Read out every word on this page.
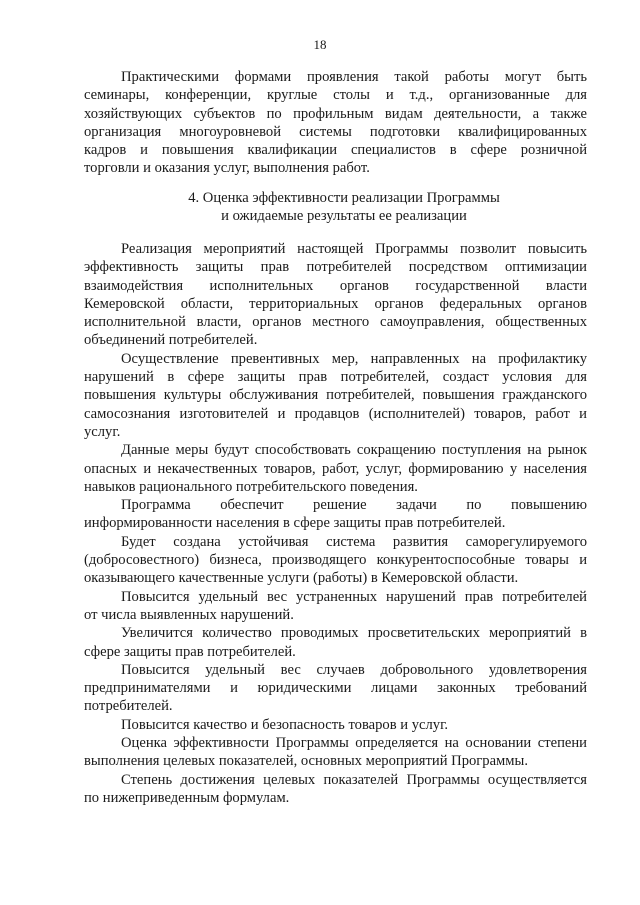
18
Практическими формами проявления такой работы могут быть
семинары, конференции, круглые столы и т.д., организованные для
хозяйствующих субъектов по профильным видам деятельности, а также
организация многоуровневой системы подготовки квалифицированных
кадров и повышения квалификации специалистов в сфере розничной
торговли и оказания услуг, выполнения работ.
4. Оценка эффективности реализации Программы
и ожидаемые результаты ее реализации
Реализация мероприятий настоящей Программы позволит повысить
эффективность защиты прав потребителей посредством оптимизации
взаимодействия исполнительных органов государственной власти
Кемеровской области, территориальных органов федеральных органов
исполнительной власти, органов местного самоуправления, общественных
объединений потребителей.
Осуществление превентивных мер, направленных на профилактику
нарушений в сфере защиты прав потребителей, создаст условия для
повышения культуры обслуживания потребителей, повышения гражданского
самосознания изготовителей и продавцов (исполнителей) товаров, работ и
услуг.
Данные меры будут способствовать сокращению поступления на рынок
опасных и некачественных товаров, работ, услуг, формированию у населения
навыков рационального потребительского поведения.
Программа обеспечит решение задачи по повышению
информированности населения в сфере защиты прав потребителей.
Будет создана устойчивая система развития саморегулируемого
(добросовестного) бизнеса, производящего конкурентоспособные товары и
оказывающего качественные услуги (работы) в Кемеровской области.
Повысится удельный вес устраненных нарушений прав потребителей
от числа выявленных нарушений.
Увеличится количество проводимых просветительских мероприятий в
сфере защиты прав потребителей.
Повысится удельный вес случаев добровольного удовлетворения
предпринимателями и юридическими лицами законных требований
потребителей.
Повысится качество и безопасность товаров и услуг.
Оценка эффективности Программы определяется на основании степени
выполнения целевых показателей, основных мероприятий Программы.
Степень достижения целевых показателей Программы осуществляется
по нижеприведенным формулам.
